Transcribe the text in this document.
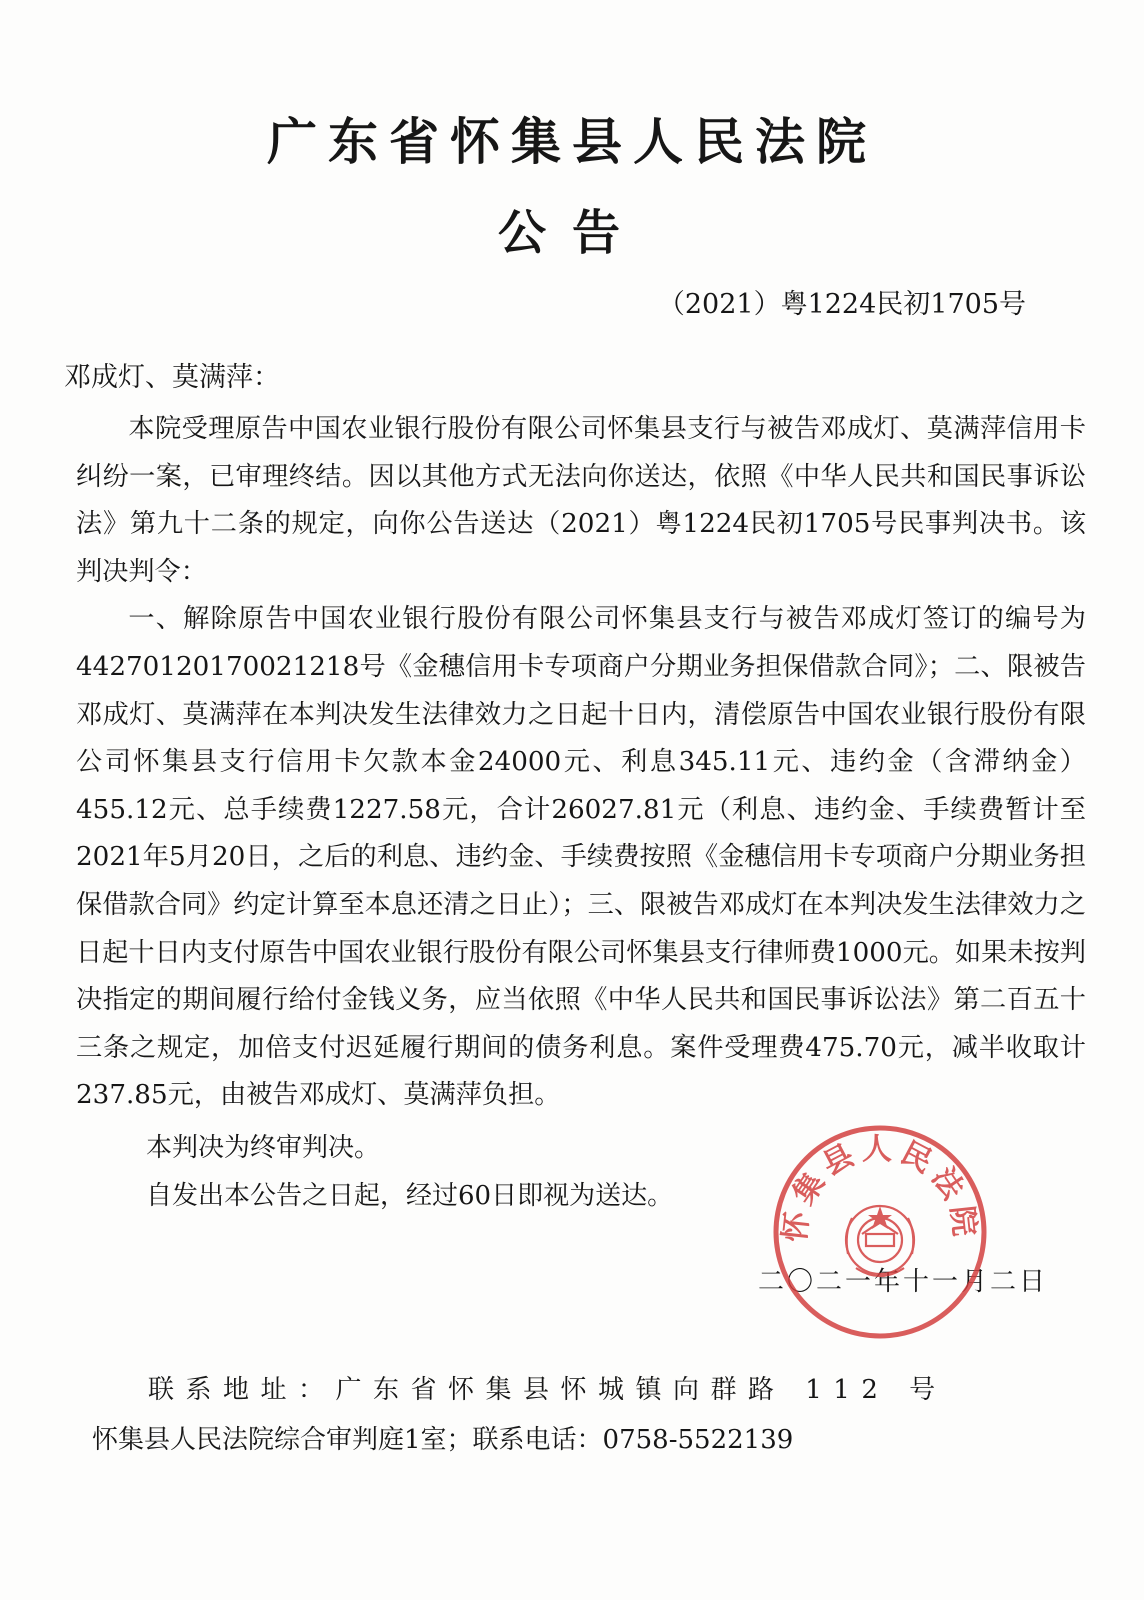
广东省怀集县人民法院
公告
（2021）粤1224民初1705号
邓成灯、莫满萍：

本院受理原告中国农业银行股份有限公司怀集县支行与被告邓成灯、莫满萍信用卡纠纷一案，已审理终结。因以其他方式无法向你送达，依照《中华人民共和国民事诉讼法》第九十二条的规定，向你公告送达（2021）粤1224民初1705号民事判决书。该判决判令：

一、解除原告中国农业银行股份有限公司怀集县支行与被告邓成灯签订的编号为44270120170021218号《金穗信用卡专项商户分期业务担保借款合同》；二、限被告邓成灯、莫满萍在本判决发生法律效力之日起十日内，清偿原告中国农业银行股份有限公司怀集县支行信用卡欠款本金24000元、利息345.11元、违约金（含滞纳金）455.12元、总手续费1227.58元，合计26027.81元（利息、违约金、手续费暂计至2021年5月20日，之后的利息、违约金、手续费按照《金穗信用卡专项商户分期业务担保借款合同》约定计算至本息还清之日止）；三、限被告邓成灯在本判决发生法律效力之日起十日内支付原告中国农业银行股份有限公司怀集县支行律师费1000元。如果未按判决指定的期间履行给付金钱义务，应当依照《中华人民共和国民事诉讼法》第二百五十三条之规定，加倍支付迟延履行期间的债务利息。案件受理费475.70元，减半收取计237.85元，由被告邓成灯、莫满萍负担。

本判决为终审判决。

自发出本公告之日起，经过60日即视为送达。

二〇二一年十一月二日
怀集县人民法院
联系地址：广东省怀集县怀城镇向群路 112 号
怀集县人民法院综合审判庭1室；联系电话：0758-5522139
